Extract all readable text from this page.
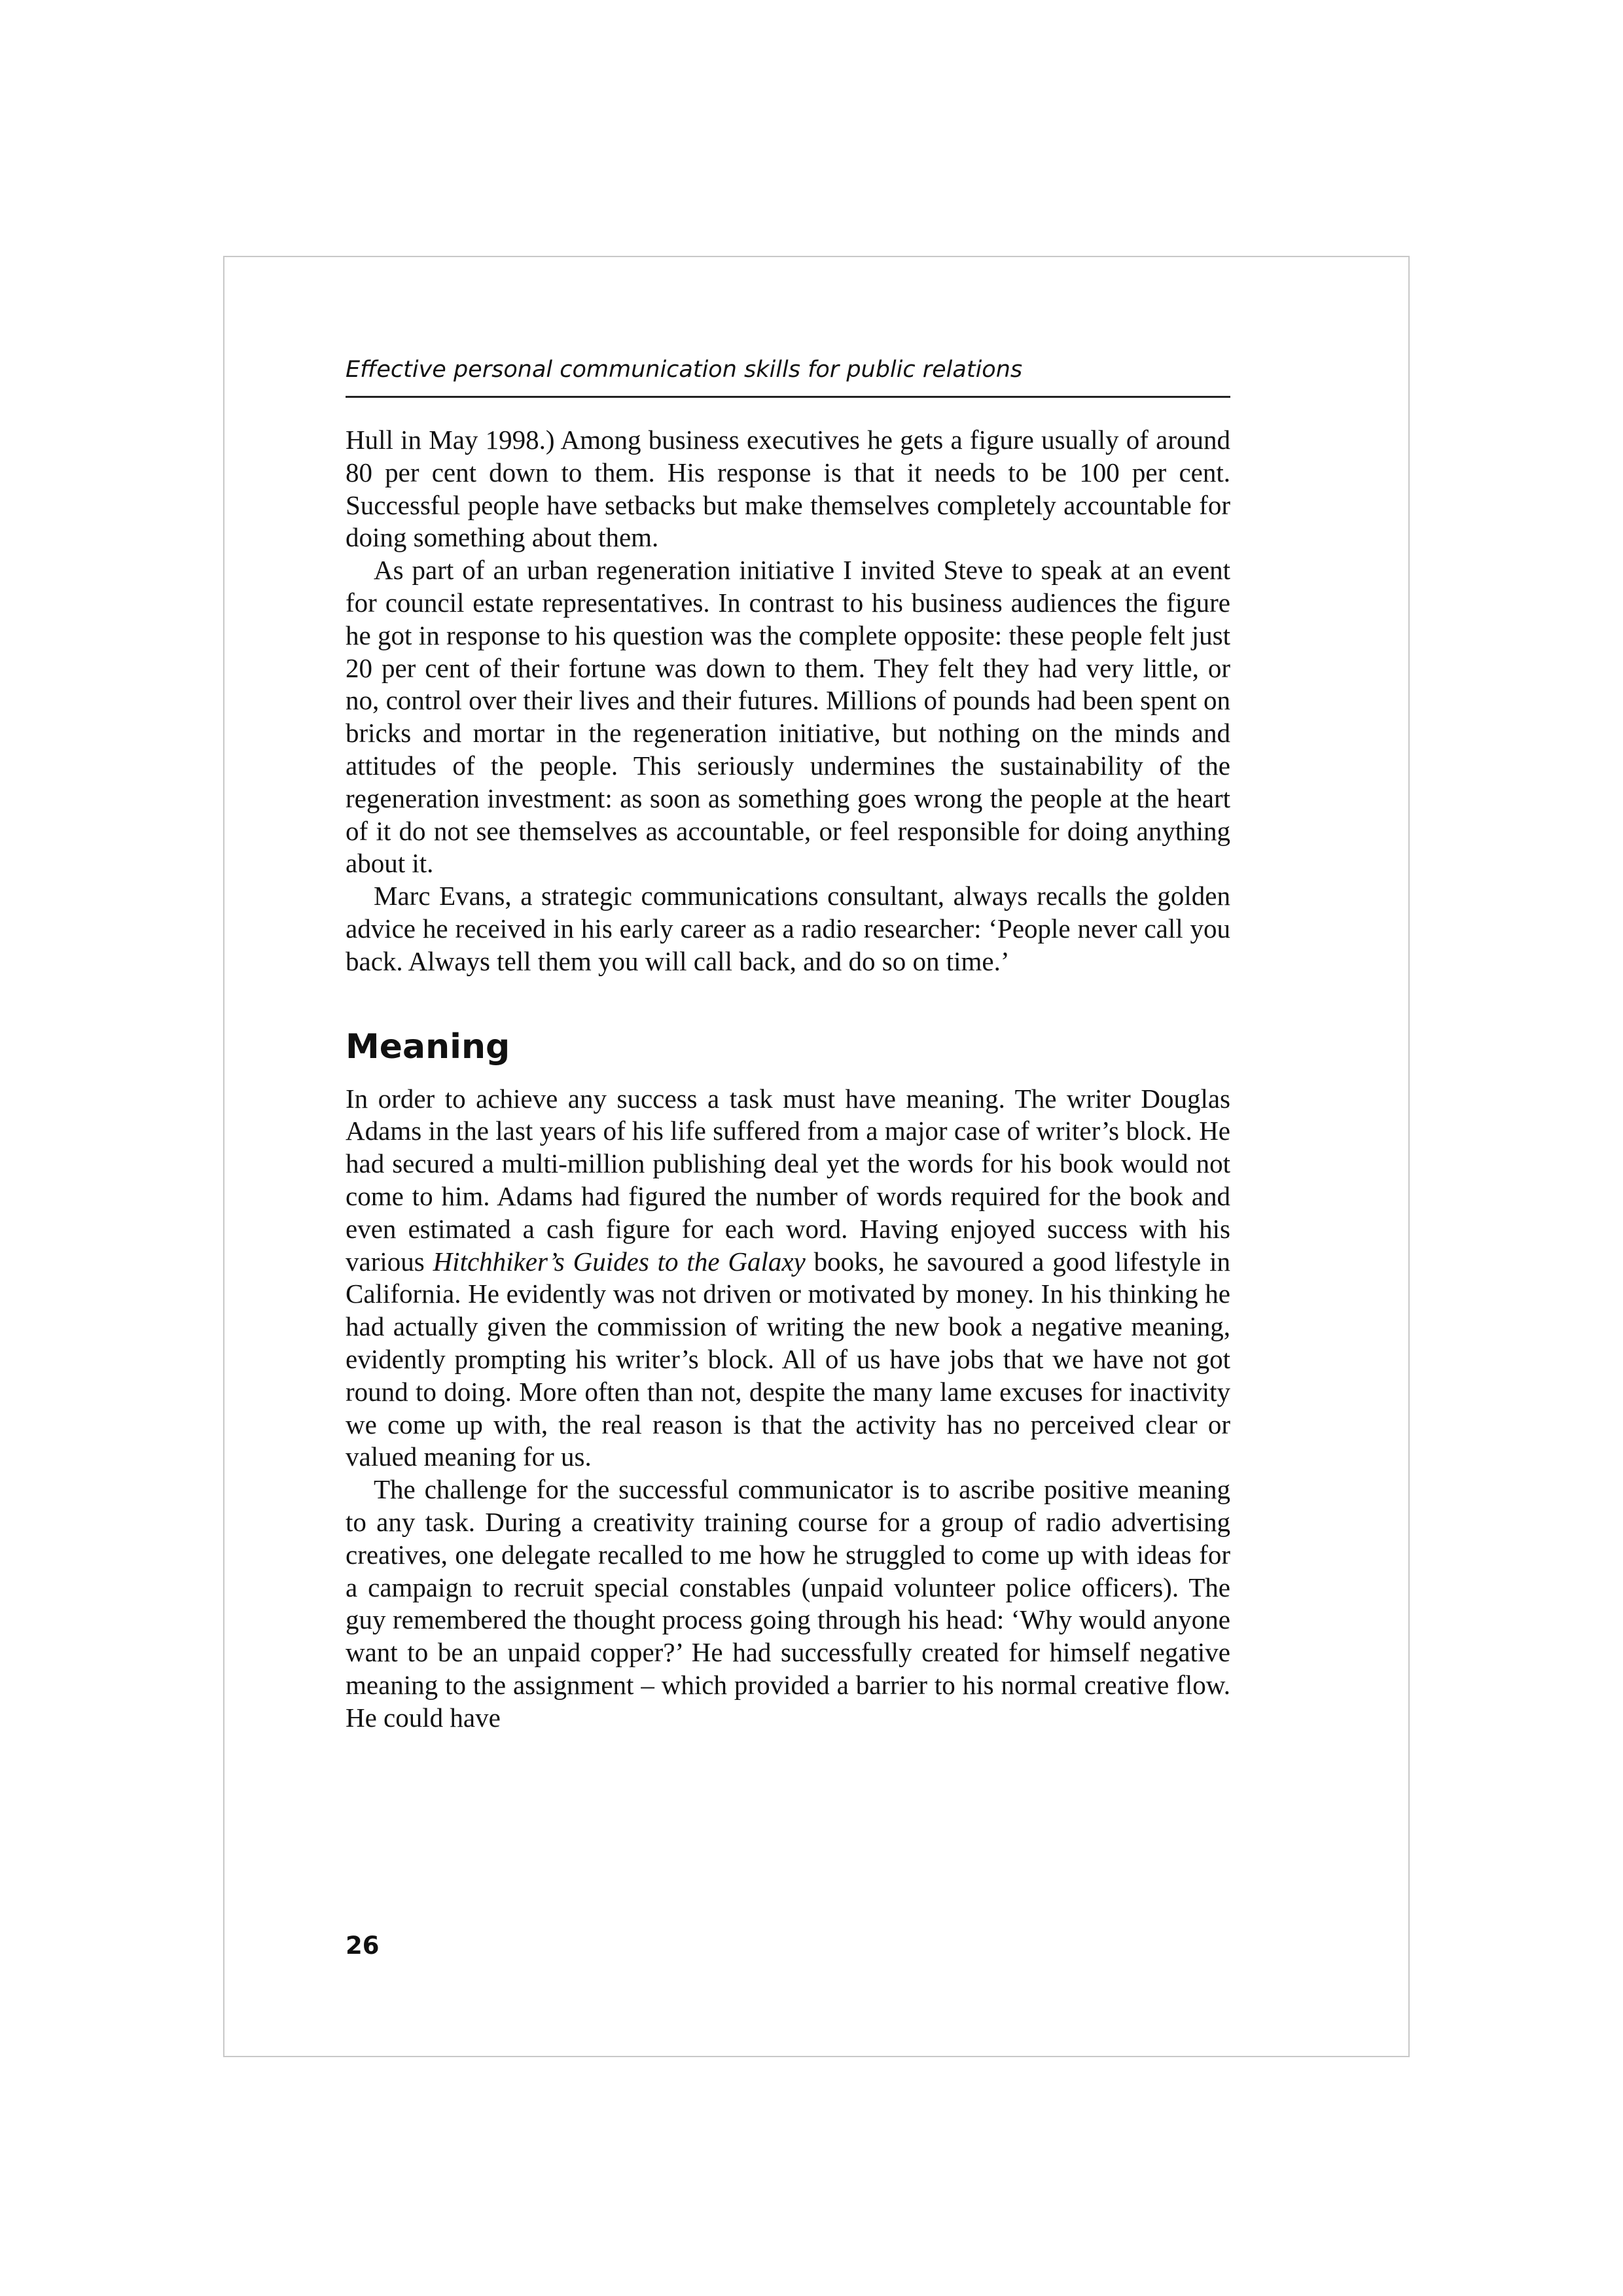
Effective personal communication skills for public relations

Hull in May 1998.) Among business executives he gets a figure usually of around 80 per cent down to them. His response is that it needs to be 100 per cent. Successful people have setbacks but make themselves completely accountable for doing something about them.

As part of an urban regeneration initiative I invited Steve to speak at an event for council estate representatives. In contrast to his business audiences the figure he got in response to his question was the complete opposite: these people felt just 20 per cent of their fortune was down to them. They felt they had very little, or no, control over their lives and their futures. Millions of pounds had been spent on bricks and mortar in the regeneration initiative, but nothing on the minds and attitudes of the people. This seriously undermines the sustainability of the regeneration investment: as soon as something goes wrong the people at the heart of it do not see themselves as accountable, or feel responsible for doing anything about it.

Marc Evans, a strategic communications consultant, always recalls the golden advice he received in his early career as a radio researcher: ‘People never call you back. Always tell them you will call back, and do so on time.’

Meaning

In order to achieve any success a task must have meaning. The writer Douglas Adams in the last years of his life suffered from a major case of writer’s block. He had secured a multi-million publishing deal yet the words for his book would not come to him. Adams had figured the number of words required for the book and even estimated a cash figure for each word. Having enjoyed success with his various Hitchhiker’s Guides to the Galaxy books, he savoured a good lifestyle in California. He evidently was not driven or motivated by money. In his thinking he had actually given the commission of writing the new book a negative meaning, evidently prompting his writer’s block. All of us have jobs that we have not got round to doing. More often than not, despite the many lame excuses for inactivity we come up with, the real reason is that the activity has no perceived clear or valued meaning for us.

The challenge for the successful communicator is to ascribe positive meaning to any task. During a creativity training course for a group of radio advertising creatives, one delegate recalled to me how he struggled to come up with ideas for a campaign to recruit special constables (unpaid volunteer police officers). The guy remembered the thought process going through his head: ‘Why would anyone want to be an unpaid copper?’ He had successfully created for himself negative meaning to the assignment – which provided a barrier to his normal creative flow. He could have

26
